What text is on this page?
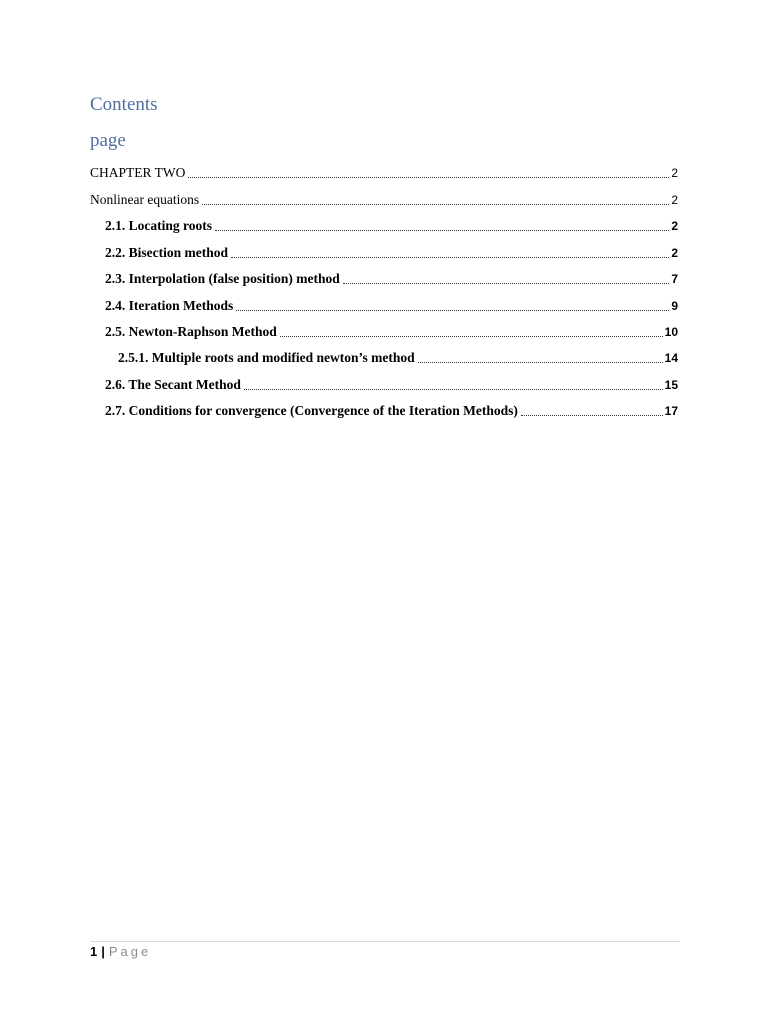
Contents
page
CHAPTER TWO	2
Nonlinear equations	2
2.1. Locating roots	2
2.2. Bisection method	2
2.3. Interpolation (false position) method	7
2.4. Iteration Methods	9
2.5. Newton-Raphson Method	10
2.5.1. Multiple roots and modified newton’s method	14
2.6. The Secant Method	15
2.7. Conditions for convergence (Convergence of the Iteration Methods)	17
1 | Page
